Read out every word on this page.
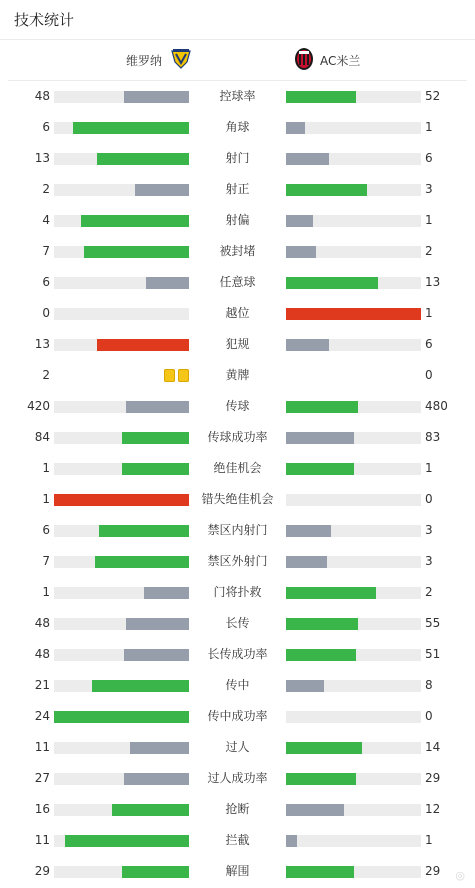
技术统计
维罗纳	AC米兰
48	控球率	52
6	角球	1
13	射门	6
2	射正	3
4	射偏	1
7	被封堵	2
6	任意球	13
0	越位	1
13	犯规	6
2	黄牌	0
420	传球	480
84	传球成功率	83
1	绝佳机会	1
1	错失绝佳机会	0
6	禁区内射门	3
7	禁区外射门	3
1	门将扑救	2
48	长传	55
48	长传成功率	51
21	传中	8
24	传中成功率	0
11	过人	14
27	过人成功率	29
16	抢断	12
11	拦截	1
29	解围	29 ◎
